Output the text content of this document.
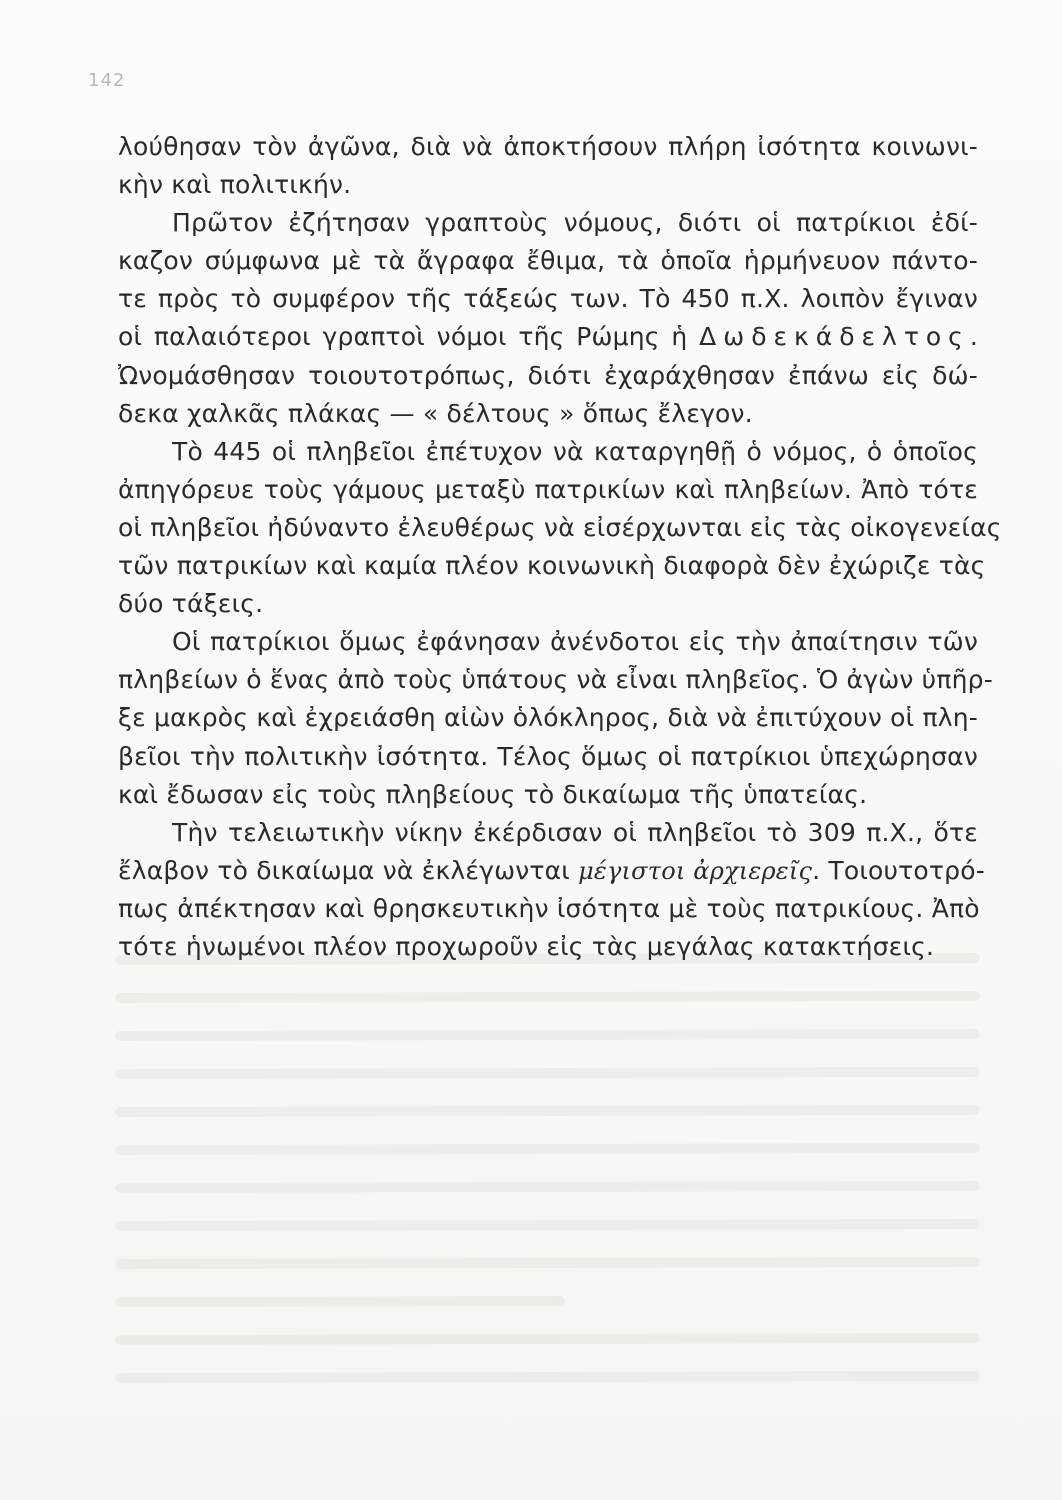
142
λούθησαν τὸν ἀγῶνα, διὰ νὰ ἀποκτήσουν πλήρη ἰσότητα κοινωνι-
κὴν καὶ πολιτικήν.
Πρῶτον ἐζήτησαν γραπτοὺς νόμους, διότι οἱ πατρίκιοι ἐδί-
καζον σύμφωνα μὲ τὰ ἄγραφα ἔθιμα, τὰ ὁποῖα ἡρμήνευον πάντο-
τε πρὸς τὸ συμφέρον τῆς τάξεώς των. Τὸ 450 π.Χ. λοιπὸν ἔγιναν
οἱ παλαιότεροι γραπτοὶ νόμοι τῆς Ρώμης ἡ Δωδεκάδελτος.
Ὠνομάσθησαν τοιουτοτρόπως, διότι ἐχαράχθησαν ἐπάνω εἰς δώ-
δεκα χαλκᾶς πλάκας — « δέλτους » ὅπως ἔλεγον.
Τὸ 445 οἱ πληβεῖοι ἐπέτυχον νὰ καταργηθῇ ὁ νόμος, ὁ ὁποῖος
ἀπηγόρευε τοὺς γάμους μεταξὺ πατρικίων καὶ πληβείων. Ἀπὸ τότε
οἱ πληβεῖοι ἠδύναντο ἐλευθέρως νὰ εἰσέρχωνται εἰς τὰς οἰκογενείας
τῶν πατρικίων καὶ καμία πλέον κοινωνικὴ διαφορὰ δὲν ἐχώριζε τὰς
δύο τάξεις.
Οἱ πατρίκιοι ὅμως ἐφάνησαν ἀνένδοτοι εἰς τὴν ἀπαίτησιν τῶν
πληβείων ὁ ἕνας ἀπὸ τοὺς ὑπάτους νὰ εἶναι πληβεῖος. Ὁ ἀγὼν ὑπῆρ-
ξε μακρὸς καὶ ἐχρειάσθη αἰὼν ὁλόκληρος, διὰ νὰ ἐπιτύχουν οἱ πλη-
βεῖοι τὴν πολιτικὴν ἰσότητα. Τέλος ὅμως οἱ πατρίκιοι ὑπεχώρησαν
καὶ ἔδωσαν εἰς τοὺς πληβείους τὸ δικαίωμα τῆς ὑπατείας.
Τὴν τελειωτικὴν νίκην ἐκέρδισαν οἱ πληβεῖοι τὸ 309 π.Χ., ὅτε
ἔλαβον τὸ δικαίωμα νὰ ἐκλέγωνται μέγιστοι ἀρχιερεῖς. Τοιουτοτρό-
πως ἀπέκτησαν καὶ θρησκευτικὴν ἰσότητα μὲ τοὺς πατρικίους. Ἀπὸ
τότε ἡνωμένοι πλέον προχωροῦν εἰς τὰς μεγάλας κατακτήσεις.
